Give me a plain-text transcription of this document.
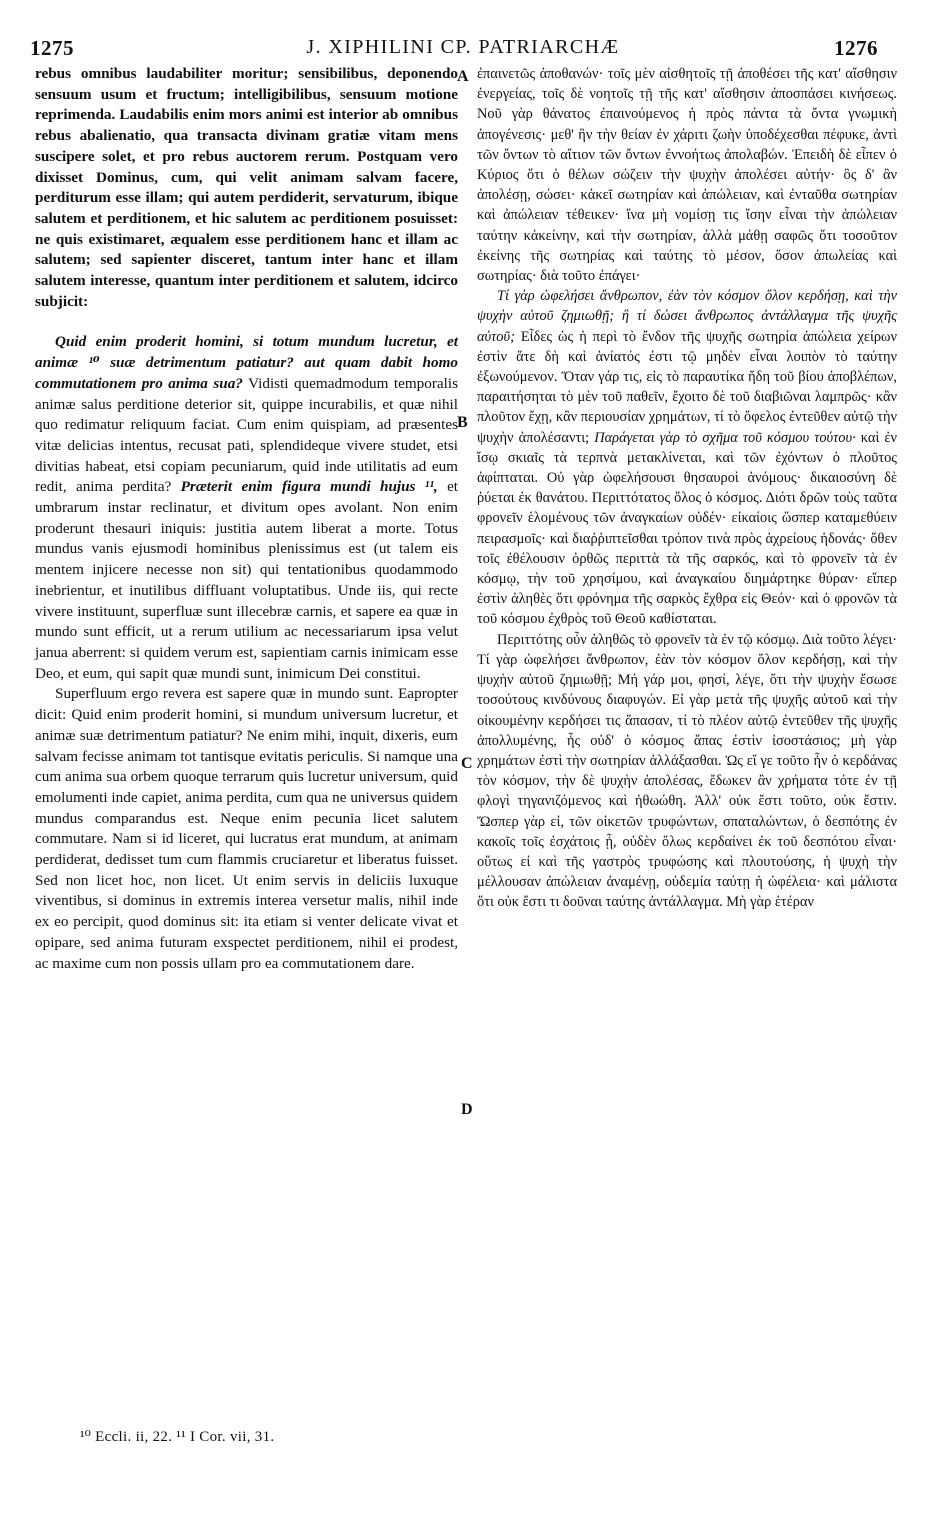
1275	J. XIPHILINI CP. PATRIARCHÆ	1276

rebus omnibus laudabiliter moritur; sensibilibus, deponendo sensuum usum et fructum; intelligibilibus, sensuum motione reprimenda. Laudabilis enim mors animi est interior ab omnibus rebus abalienatio, qua transacta divinam gratiæ vitam mens suscipere solet, et pro rebus auctorem rerum. Postquam vero dixisset Dominus, cum, qui velit animam salvam facere, perditurum esse illam; qui autem perdiderit, servaturum, ibique salutem et perditionem, et hic salutem ac perditionem posuisset: ne quis existimaret, æqualem esse perditionem hanc et illam ac salutem; sed sapienter disceret, tantum inter hanc et illam salutem interesse, quantum inter perditionem et salutem, idcirco subjicit:

Quid enim proderit homini, si totum mundum lucretur, et animæ ¹⁰ suæ detrimentum patiatur? aut quam dabit homo commutationem pro anima sua? Vidisti quemadmodum temporalis animæ salus perditione deterior sit, quippe incurabilis, et quæ nihil quo redimatur reliquum faciat. Cum enim quispiam, ad præsentes vitæ delicias intentus, recusat pati, splendideque vivere studet, etsi divitias habeat, etsi copiam pecuniarum, quid inde utilitatis ad eum redit, anima perdita? Præterit enim figura mundi hujus ¹¹, et umbrarum instar reclinatur, et divitum opes avolant. Non enim proderunt thesauri iniquis: justitia autem liberat a morte. Totus mundus vanis ejusmodi hominibus plenissimus est (ut talem eis mentem injicere necesse non sit) qui tentationibus quodammodo inebrientur, et inutilibus diffluant voluptatibus. Unde iis, qui recte vivere instituunt, superfluæ sunt illecebræ carnis, et sapere ea quæ in mundo sunt efficit, ut a rerum utilium ac necessariarum ipsa velut janua aberrent: si quidem verum est, sapientiam carnis inimicam esse Deo, et eum, qui sapit quæ mundi sunt, inimicum Dei constitui.

Superfluum ergo revera est sapere quæ in mundo sunt. Eapropter dicit: Quid enim proderit homini, si mundum universum lucretur, et animæ suæ detrimentum patiatur? Ne enim mihi, inquit, dixeris, eum salvam fecisse animam tot tantisque evitatis periculis. Si namque una cum anima sua orbem quoque terrarum quis lucretur universum, quid emolumenti inde capiet, anima perdita, cum qua ne universus quidem mundus comparandus est. Neque enim pecunia licet salutem commutare. Nam si id liceret, qui lucratus erat mundum, at animam perdiderat, dedisset tum cum flammis cruciaretur et liberatus fuisset. Sed non licet hoc, non licet. Ut enim servis in deliciis luxuque viventibus, si dominus in extremis interea versetur malis, nihil inde ex eo percipit, quod dominus sit: ita etiam si venter delicate vivat et opipare, sed anima futuram exspectet perditionem, nihil ei prodest, ac maxime cum non possis ullam pro ea commutationem dare.

ἐπαινετῶς ἀποθανών· τοῖς μὲν αἰσθητοῖς τῇ ἀποθέσει τῆς κατ' αἴσθησιν ἐνεργείας, τοῖς δὲ νοητοῖς τῇ τῆς κατ' αἴσθησιν ἀποσπάσει κινήσεως. Νοῦ γὰρ θάνατος ἐπαινούμενος ἡ πρὸς πάντα τὰ ὄντα γνωμικὴ ἀπογένεσις· μεθ' ἣν τὴν θείαν ἐν χάριτι ζωὴν ὑποδέχεσθαι πέφυκε, ἀντὶ τῶν ὄντων τὸ αἴτιον τῶν ὄντων ἐννοήτως ἀπολαβών. Ἐπειδὴ δὲ εἶπεν ὁ Κύριος ὅτι ὁ θέλων σώζειν τὴν ψυχὴν ἀπολέσει αὐτήν· ὃς δ' ἂν ἀπολέσῃ, σώσει· κἀκεῖ σωτηρίαν καὶ ἀπώλειαν, καὶ ἐνταῦθα σωτηρίαν καὶ ἀπώλειαν τέθεικεν· ἵνα μὴ νομίσῃ τις ἴσην εἶναι τὴν ἀπώλειαν ταύτην κἀκείνην, καὶ τὴν σωτηρίαν, ἀλλὰ μάθῃ σαφῶς ὅτι τοσοῦτον ἐκείνης τῆς σωτηρίας καὶ ταύτης τὸ μέσον, ὅσον ἀπωλείας καὶ σωτηρίας· διὰ τοῦτο ἐπάγει·

Τί γὰρ ὠφελήσει ἄνθρωπον, ἐὰν τὸν κόσμον ὅλον κερδήσῃ, καὶ τὴν ψυχὴν αὐτοῦ ζημιωθῇ; ἢ τί δώσει ἄνθρωπος ἀντάλλαγμα τῆς ψυχῆς αὐτοῦ; Εἶδες ὡς ἡ περὶ τὸ ἔνδον τῆς ψυχῆς σωτηρία ἀπώλεια χείρων ἐστὶν ἅτε δὴ καὶ ἀνίατός ἐστι τῷ μηδὲν εἶναι λοιπὸν τὸ ταύτην ἐξωνούμενον. Ὅταν γάρ τις, εἰς τὸ παραυτίκα ἤδη τοῦ βίου ἀποβλέπων, παραιτήσηται τὸ μὲν τοῦ παθεῖν, ἔχοιτο δὲ τοῦ διαβιῶναι λαμπρῶς· κἂν πλοῦτον ἔχῃ, κἂν περιουσίαν χρημάτων, τί τὸ ὄφελος ἐντεῦθεν αὐτῷ τὴν ψυχὴν ἀπολέσαντι; Παράγεται γὰρ τὸ σχῆμα τοῦ κόσμου τούτου· καὶ ἐν ἴσῳ σκιαῖς τὰ τερπνὰ μετακλίνεται, καὶ τῶν ἐχόντων ὁ πλοῦτος ἀφίπταται. Οὐ γὰρ ὠφελήσουσι θησαυροὶ ἀνόμους· δικαιοσύνη δὲ ῥύεται ἐκ θανάτου. Περιττότατος ὅλος ὁ κόσμος. Διότι δρῶν τοὺς ταῦτα φρονεῖν ἑλομένους τῶν ἀναγκαίων οὐδέν· εἰκαίοις ὥσπερ καταμεθύειν πειρασμοῖς· καὶ διαῤῥιπτεῖσθαι τρόπον τινὰ πρὸς ἀχρείους ἡδονάς· ὅθεν τοῖς ἐθέλουσιν ὀρθῶς περιττὰ τὰ τῆς σαρκός, καὶ τὸ φρονεῖν τὰ ἐν κόσμῳ, τὴν τοῦ χρησίμου, καὶ ἀναγκαίου διημάρτηκε θύραν· εἴπερ ἐστὶν ἀληθὲς ὅτι φρόνημα τῆς σαρκὸς ἔχθρα εἰς Θεόν· καὶ ὁ φρονῶν τὰ τοῦ κόσμου ἐχθρὸς τοῦ Θεοῦ καθίσταται.

Περιττότης οὖν ἀληθῶς τὸ φρονεῖν τὰ ἐν τῷ κόσμῳ. Διὰ τοῦτο λέγει· Τί γὰρ ὠφελήσει ἄνθρωπον, ἐὰν τὸν κόσμον ὅλον κερδήσῃ, καὶ τὴν ψυχὴν αὐτοῦ ζημιωθῇ; Μή γάρ μοι, φησί, λέγε, ὅτι τὴν ψυχὴν ἔσωσε τοσούτους κινδύνους διαφυγών. Εἰ γὰρ μετὰ τῆς ψυχῆς αὐτοῦ καὶ τὴν οἰκουμένην κερδήσει τις ἅπασαν, τί τὸ πλέον αὐτῷ ἐντεῦθεν τῆς ψυχῆς ἀπολλυμένης, ἧς οὐδ' ὁ κόσμος ἅπας ἐστὶν ἰσοστάσιος; μὴ γὰρ χρημάτων ἐστὶ τὴν σωτηρίαν ἀλλάξασθαι. Ὡς εἴ γε τοῦτο ἦν ὁ κερδάνας τὸν κόσμον, τὴν δὲ ψυχὴν ἀπολέσας, ἔδωκεν ἂν χρήματα τότε ἐν τῇ φλογὶ τηγανιζόμενος καὶ ἠθωώθη. Ἀλλ' οὐκ ἔστι τοῦτο, οὐκ ἔστιν. Ὥσπερ γὰρ εἰ, τῶν οἰκετῶν τρυφώντων, σπαταλώντων, ὁ δεσπότης ἐν κακοῖς τοῖς ἐσχάτοις ᾖ, οὐδὲν ὅλως κερδαίνει ἐκ τοῦ δεσπότου εἶναι· οὕτως εἰ καὶ τῆς γαστρὸς τρυφώσης καὶ πλουτούσης, ἡ ψυχὴ τὴν μέλλουσαν ἀπώλειαν ἀναμένῃ, οὐδεμία ταύτῃ ἡ ὠφέλεια· καὶ μάλιστα ὅτι οὐκ ἔστι τι δοῦναι ταύτης ἀντάλλαγμα. Μὴ γὰρ ἑτέραν

A
B
C
D
¹⁰ Eccli. ii, 22. ¹¹ I Cor. vii, 31.
